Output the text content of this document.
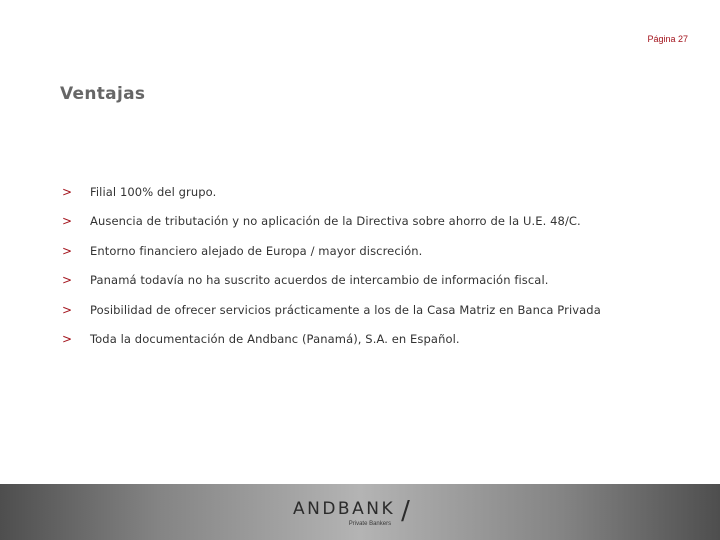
Página 27
Ventajas
>	Filial 100% del grupo.
>	Ausencia de tributación y no aplicación de la Directiva sobre ahorro de la U.E. 48/C.
>	Entorno financiero alejado de Europa / mayor discreción.
>	Panamá todavía no ha suscrito acuerdos de intercambio de información fiscal.
>	Posibilidad de ofrecer servicios prácticamente a los de la Casa Matriz en Banca Privada
>	Toda la documentación de Andbanc (Panamá), S.A. en Español.
ANDBANK
Private Bankers /
